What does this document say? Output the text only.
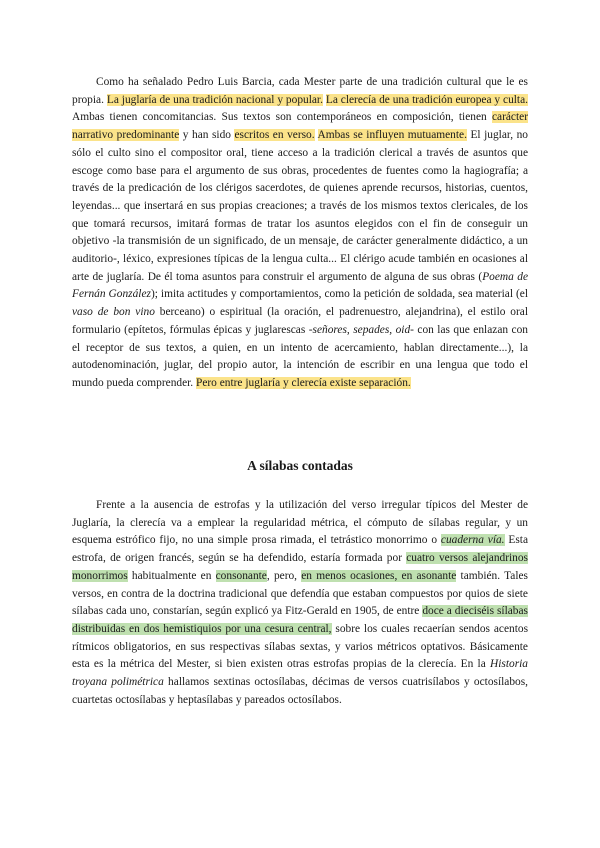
Como ha señalado Pedro Luis Barcia, cada Mester parte de una tradición cultural que le es propia. La juglaría de una tradición nacional y popular. La clerecía de una tradición europea y culta. Ambas tienen concomitancias. Sus textos son contemporáneos en composición, tienen carácter narrativo predominante y han sido escritos en verso. Ambas se influyen mutuamente. El juglar, no sólo el culto sino el compositor oral, tiene acceso a la tradición clerical a través de asuntos que escoge como base para el argumento de sus obras, procedentes de fuentes como la hagiografía; a través de la predicación de los clérigos sacerdotes, de quienes aprende recursos, historias, cuentos, leyendas... que insertará en sus propias creaciones; a través de los mismos textos clericales, de los que tomará recursos, imitará formas de tratar los asuntos elegidos con el fin de conseguir un objetivo -la transmisión de un significado, de un mensaje, de carácter generalmente didáctico, a un auditorio-, léxico, expresiones típicas de la lengua culta... El clérigo acude también en ocasiones al arte de juglaría. De él toma asuntos para construir el argumento de alguna de sus obras (Poema de Fernán González); imita actitudes y comportamientos, como la petición de soldada, sea material (el vaso de bon vino berceano) o espiritual (la oración, el padrenuestro, alejandrina), el estilo oral formulario (epítetos, fórmulas épicas y juglarescas -señores, sepades, oid- con las que enlazan con el receptor de sus textos, a quien, en un intento de acercamiento, hablan directamente...), la autodenominación, juglar, del propio autor, la intención de escribir en una lengua que todo el mundo pueda comprender. Pero entre juglaría y clerecía existe separación.

A sílabas contadas

Frente a la ausencia de estrofas y la utilización del verso irregular típicos del Mester de Juglaría, la clerecía va a emplear la regularidad métrica, el cómputo de sílabas regular, y un esquema estrófico fijo, no una simple prosa rimada, el tetrástico monorrimo o cuaderna vía. Esta estrofa, de origen francés, según se ha defendido, estaría formada por cuatro versos alejandrinos monorrimos habitualmente en consonante, pero, en menos ocasiones, en asonante también. Tales versos, en contra de la doctrina tradicional que defendía que estaban compuestos por quios de siete sílabas cada uno, constarían, según explicó ya Fitz-Gerald en 1905, de entre doce a dieciséis sílabas distribuidas en dos hemistiquios por una cesura central, sobre los cuales recaerían sendos acentos rítmicos obligatorios, en sus respectivas sílabas sextas, y varios métricos optativos. Básicamente esta es la métrica del Mester, si bien existen otras estrofas propias de la clerecía. En la Historia troyana polimétrica hallamos sextinas octosílabas, décimas de versos cuatrisílabos y octosílabos, cuartetas octosílabas y heptasílabas y pareados octosílabos.
